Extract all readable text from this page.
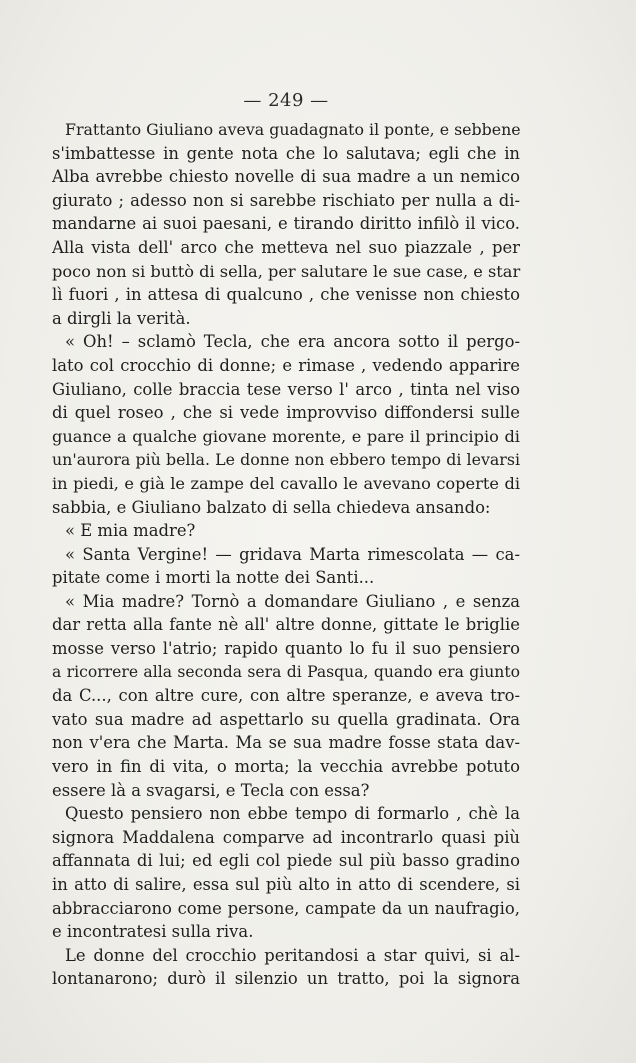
— 249 —
Frattanto Giuliano aveva guadagnato il ponte, e sebbene
s'imbattesse in gente nota che lo salutava; egli che in
Alba avrebbe chiesto novelle di sua madre a un nemico
giurato ; adesso non si sarebbe rischiato per nulla a di-
mandarne ai suoi paesani, e tirando diritto infilò il vico.
Alla vista dell' arco che metteva nel suo piazzale , per
poco non si buttò di sella, per salutare le sue case, e star
lì fuori , in attesa di qualcuno , che venisse non chiesto
a dirgli la verità.
« Oh! – sclamò Tecla, che era ancora sotto il pergo-
lato col crocchio di donne; e rimase , vedendo apparire
Giuliano, colle braccia tese verso l' arco , tinta nel viso
di quel roseo , che si vede improvviso diffondersi sulle
guance a qualche giovane morente, e pare il principio di
un'aurora più bella. Le donne non ebbero tempo di levarsi
in piedi, e già le zampe del cavallo le avevano coperte di
sabbia, e Giuliano balzato di sella chiedeva ansando:
« E mia madre?
« Santa Vergine! — gridava Marta rimescolata — ca-
pitate come i morti la notte dei Santi...
« Mia madre? Tornò a domandare Giuliano , e senza
dar retta alla fante nè all' altre donne, gittate le briglie
mosse verso l'atrio; rapido quanto lo fu il suo pensiero
a ricorrere alla seconda sera di Pasqua, quando era giunto
da C..., con altre cure, con altre speranze, e aveva tro-
vato sua madre ad aspettarlo su quella gradinata. Ora
non v'era che Marta. Ma se sua madre fosse stata dav-
vero in fin di vita, o morta; la vecchia avrebbe potuto
essere là a svagarsi, e Tecla con essa?
Questo pensiero non ebbe tempo di formarlo , chè la
signora Maddalena comparve ad incontrarlo quasi più
affannata di lui; ed egli col piede sul più basso gradino
in atto di salire, essa sul più alto in atto di scendere, si
abbracciarono come persone, campate da un naufragio,
e incontratesi sulla riva.
Le donne del crocchio peritandosi a star quivi, si al-
lontanarono; durò il silenzio un tratto, poi la signora
